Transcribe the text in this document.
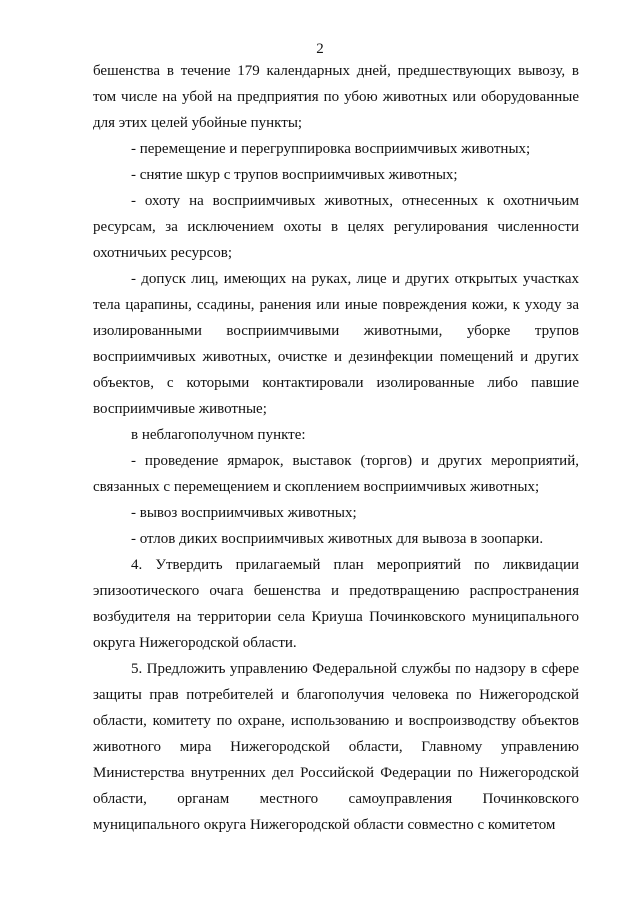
2

бешенства в течение 179 календарных дней, предшествующих вывозу, в том числе на убой на предприятия по убою животных или оборудованные для этих целей убойные пункты;

- перемещение и перегруппировка восприимчивых животных;

- снятие шкур с трупов восприимчивых животных;

- охоту на восприимчивых животных, отнесенных к охотничьим ресурсам, за исключением охоты в целях регулирования численности охотничьих ресурсов;

- допуск лиц, имеющих на руках, лице и других открытых участках тела царапины, ссадины, ранения или иные повреждения кожи, к уходу за изолированными восприимчивыми животными, уборке трупов восприимчивых животных, очистке и дезинфекции помещений и других объектов, с которыми контактировали изолированные либо павшие восприимчивые животные;

в неблагополучном пункте:

- проведение ярмарок, выставок (торгов) и других мероприятий, связанных с перемещением и скоплением восприимчивых животных;

- вывоз восприимчивых животных;

- отлов диких восприимчивых животных для вывоза в зоопарки.

4. Утвердить прилагаемый план мероприятий по ликвидации эпизоотического очага бешенства и предотвращению распространения возбудителя на территории села Криуша Починковского муниципального округа Нижегородской области.

5. Предложить управлению Федеральной службы по надзору в сфере защиты прав потребителей и благополучия человека по Нижегородской области, комитету по охране, использованию и воспроизводству объектов животного мира Нижегородской области, Главному управлению Министерства внутренних дел Российской Федерации по Нижегородской области, органам местного самоуправления Починковского муниципального округа Нижегородской области совместно с комитетом
